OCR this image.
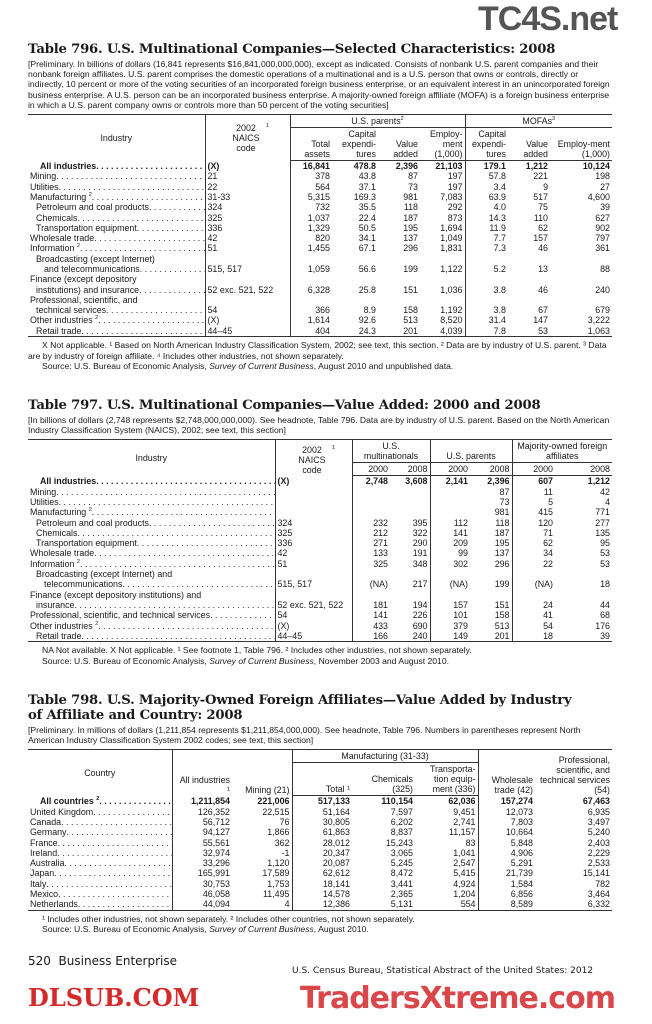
TC4S.net
Table 796. U.S. Multinational Companies—Selected Characteristics: 2008
[Preliminary. In billions of dollars (16,841 represents $16,841,000,000,000), except as indicated. Consists of nonbank U.S. parent companies and their nonbank foreign affiliates. U.S. parent comprises the domestic operations of a multinational and is a U.S. person that owns or controls, directly or indirectly, 10 percent or more of the voting securities of an incorporated foreign business enterprise, or an equivalent interest in an unincorporated foreign business enterprise. A U.S. person can be an incorporated business enterprise. A majority-owned foreign affiliate (MOFA) is a foreign business enterprise in which a U.S. parent company owns or controls more than 50 percent of the voting securities]
Industry	2002 NAICS code$^1$	U.S. parents$^2$				MOFAs$^3$
		Total assets	Capital expendi-tures	Value added	Employ-ment (1,000)	Capital expendi-tures	Value added	Employ-ment (1,000)
All industries . . .	(X)	16,841	478.8	2,396	21,103	179.1	1,212	10,124
Mining . . .	21	378	43.8	87	197	57.8	221	198
Utilities . . .	22	564	37.1	73	197	3.4	9	27
Manufacturing $^2$ . . .	31-33	5,315	169.3	981	7,083	63.9	517	4,600
Petroleum and coal products . . .	324	732	35.5	118	292	4.0	75	39
Chemicals . . .	325	1,037	22.4	187	873	14.3	110	627
Transportation equipment . . .	336	1,329	50.5	195	1,694	11.9	62	902
Wholesale trade . . .	42	820	34.1	137	1,049	7.7	157	797
Information $^2$ . . .	51	1,455	67.1	296	1,831	7.3	46	361
Broadcasting (except Internet)								
and telecommunications . . .	515, 517	1,059	56.6	199	1,122	5.2	13	88
Finance (except depository								
institutions) and insurance . . .	52 exc. 521, 522	6,328	25.8	151	1,036	3.8	46	240
Professional, scientific, and								
technical services . . .	54	366	8.9	158	1,192	3.8	67	679
Other industries $^2$ . . .	(X)	1,614	92.6	513	8,520	31.4	147	3,222
Retail trade . . .	44–45	404	24.3	201	4,039	7.8	53	1,063

X Not applicable. ¹ Based on North American Industry Classification System, 2002; see text, this section. ² Data are by industry of U.S. parent. ³ Data are by industry of foreign affiliate. ⁴ Includes other industries, not shown separately.

Source: U.S. Bureau of Economic Analysis, Survey of Current Business, August 2010 and unpublished data.

Table 797. U.S. Multinational Companies—Value Added: 2000 and 2008
[In billions of dollars (2,748 represents $2,748,000,000,000). See headnote, Table 796. Data are by industry of U.S. parent. Based on the North American Industry Classification System (NAICS), 2002; see text, this section]
Industry	2002 NAICS code$^1$	U.S. multinationals		U.S. parents		Majority-owned foreign affiliates	
		2000	2008	2000	2008	2000	2008
All industries . . .	(X)	2,748	3,608	2,141	2,396	607	1,212
Mining . . .					87	11	42
Utilities . . .					73	5	4
Manufacturing $^2$ . . .					981	415	771
Petroleum and coal products . . .	324	232	395	112	118	120	277
Chemicals . . .	325	212	322	141	187	71	135
Transportation equipment . . .	336	271	290	209	195	62	95
Wholesale trade . . .	42	133	191	99	137	34	53
Information $^2$ . . .	51	325	348	302	296	22	53
Broadcasting (except Internet) and							
telecommunications . . .	515, 517	(NA)	217	(NA)	199	(NA)	18
Finance (except depository institutions) and							
insurance . . .	52 exc. 521, 522	181	194	157	151	24	44
Professional, scientific, and technical services . . .	54	141	226	101	158	41	68
Other industries $^2$ . . .	(X)	433	690	379	513	54	176
Retail trade . . .	44–45	166	240	149	201	18	39

NA Not available. X Not applicable. ¹ See footnote 1, Table 796. ² Includes other industries, not shown separately.

Source: U.S. Bureau of Economic Analysis, Survey of Current Business, November 2003 and August 2010.

Table 798. U.S. Majority-Owned Foreign Affiliates—Value Added by Industry of Affiliate and Country: 2008
[Preliminary. In millions of dollars (1,211,854 represents $1,211,854,000,000). See headnote, Table 796. Numbers in parentheses represent North American Industry Classification System 2002 codes; see text, this section]
Country	All industries ¹	Mining (21)	Manufacturing (31-33)			Wholesale trade (42)	Professional, scientific, and technical services (54)
			Total ¹	Chemicals (325)	Transporta-tion equip-ment (336)		
All countries $^2$ . . .	1,211,854	221,006	517,133	110,154	62,036	157,274	67,463
United Kingdom . . .	126,352	22,515	51,164	7,597	9,451	12,073	6,935
Canada . . .	56,712	76	30,805	6,202	2,741	7,803	3,497
Germany . . .	94,127	1,866	61,863	8,837	11,157	10,664	5,240
France . . .	55,561	362	28,012	15,243	83	5,848	2,403
Ireland . . .	32,974	-1	20,347	3,065	1,041	4,906	2,229
Australia . . .	33,296	1,120	20,087	5,245	2,547	5,291	2,533
Japan . . .	165,991	17,589	62,612	8,472	5,415	21,739	15,141
Italy . . .	30,753	1,753	18,141	3,441	4,924	1,584	782
Mexico . . .	46,058	11,495	14,578	2,365	1,204	6,856	3,464
Netherlands . . .	44,094	4	12,386	5,131	554	8,589	6,332

¹ Includes other industries, not shown separately. ² Includes other countries, not shown separately.

Source: U.S. Bureau of Economic Analysis, Survey of Current Business, August 2010.

520  Business Enterprise
U.S. Census Bureau, Statistical Abstract of the United States: 2012
DLSUB.COM	TradersXtreme.com
